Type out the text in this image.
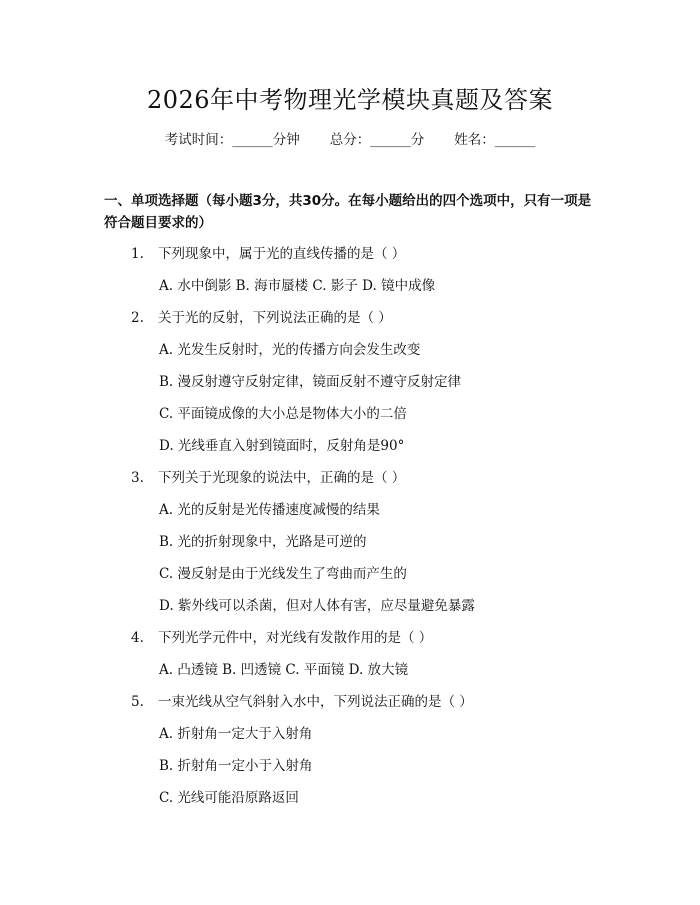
2026年中考物理光学模块真题及答案
考试时间：______分钟 总分：______分 姓名：______
一、单项选择题（每小题3分，共30分。在每小题给出的四个选项中，只有一项是符合题目要求的）
1. 下列现象中，属于光的直线传播的是（ ）
A. 水中倒影 B. 海市蜃楼 C. 影子 D. 镜中成像
2. 关于光的反射，下列说法正确的是（ ）
A. 光发生反射时，光的传播方向会发生改变
B. 漫反射遵守反射定律，镜面反射不遵守反射定律
C. 平面镜成像的大小总是物体大小的二倍
D. 光线垂直入射到镜面时，反射角是90°
3. 下列关于光现象的说法中，正确的是（ ）
A. 光的反射是光传播速度减慢的结果
B. 光的折射现象中，光路是可逆的
C. 漫反射是由于光线发生了弯曲而产生的
D. 紫外线可以杀菌，但对人体有害，应尽量避免暴露
4. 下列光学元件中，对光线有发散作用的是（ ）
A. 凸透镜 B. 凹透镜 C. 平面镜 D. 放大镜
5. 一束光线从空气斜射入水中，下列说法正确的是（ ）
A. 折射角一定大于入射角
B. 折射角一定小于入射角
C. 光线可能沿原路返回
